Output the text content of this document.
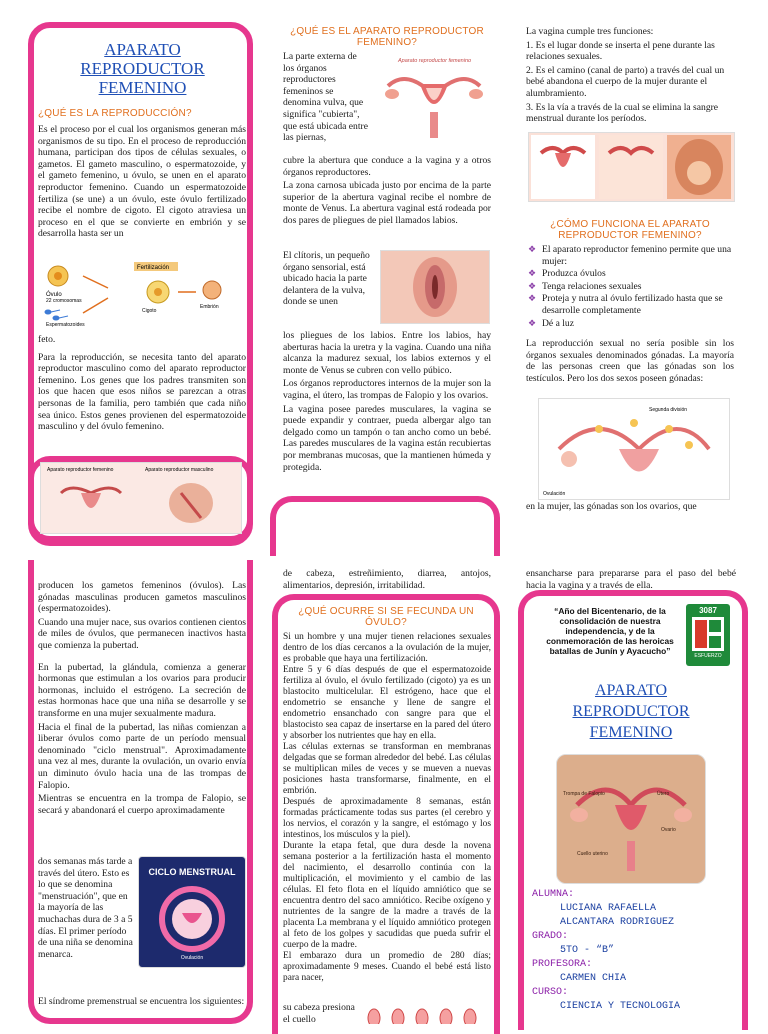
APARATO REPRODUCTOR FEMENINO
¿QUÉ ES LA REPRODUCCIÓN?

Es el proceso por el cual los organismos generan más organismos de su tipo. En el proceso de reproducción humana, participan dos tipos de células sexuales, o gametos. El gameto masculino, o espermatozoide, y el gameto femenino, u óvulo, se unen en el aparato reproductor femenino. Cuando un espermatozoide fertiliza (se une) a un óvulo, este óvulo fertilizado recibe el nombre de cigoto. El cigoto atraviesa un proceso en el que se convierte en embrión y se desarrolla hasta ser un

Óvulo
22 cromosomas
Espermatozoides
Fertilización
Cigoto
Embrión

feto.

Para la reproducción, se necesita tanto del aparato reproductor masculino como del aparato reproductor femenino. Los genes que los padres transmiten son los que hacen que esos niños se parezcan a otras personas de la familia, pero también que cada niño sea único. Estos genes provienen del espermatozoide masculino y del óvulo femenino.

Aparato reproductor femenino	Aparato reproductor masculino
¿QUÉ ES EL APARATO REPRODUCTOR FEMENINO?

La parte externa de los órganos reproductores femeninos se denomina vulva, que significa "cubierta", que está ubicada entre las piernas,

Aparato reproductor femenino

cubre la abertura que conduce a la vagina y a otros órganos reproductores.

La zona carnosa ubicada justo por encima de la parte superior de la abertura vaginal recibe el nombre de monte de Venus. La abertura vaginal está rodeada por dos pares de pliegues de piel llamados labios.

El clítoris, un pequeño órgano sensorial, está ubicado hacia la parte delantera de la vulva, donde se unen

los pliegues de los labios. Entre los labios, hay aberturas hacia la uretra y la vagina. Cuando una niña alcanza la madurez sexual, los labios externos y el monte de Venus se cubren con vello púbico.

Los órganos reproductores internos de la mujer son la vagina, el útero, las trompas de Falopio y los ovarios.

La vagina posee paredes musculares, la vagina se puede expandir y contraer, pueda albergar algo tan delgado como un tampón o tan ancho como un bebé. Las paredes musculares de la vagina están recubiertas por membranas mucosas, que la mantienen húmeda y protegida.

La vagina cumple tres funciones:

1. Es el lugar donde se inserta el pene durante las relaciones sexuales.

2. Es el camino (canal de parto) a través del cual un bebé abandona el cuerpo de la mujer durante el alumbramiento.

3. Es la vía a través de la cual se elimina la sangre menstrual durante los períodos.

¿CÓMO FUNCIONA EL APARATO REPRODUCTOR FEMENINO?
❖ El aparato reproductor femenino permite que una mujer:
❖ Produzca óvulos
❖ Tenga relaciones sexuales
❖ Proteja y nutra al óvulo fertilizado hasta que se desarrolle completamente
❖ Dé a luz

La reproducción sexual no sería posible sin los órganos sexuales denominados gónadas. La mayoría de las personas creen que las gónadas son los testículos. Pero los dos sexos poseen gónadas:

Ovulación
Segunda división

en la mujer, las gónadas son los ovarios, que

producen los gametos femeninos (óvulos). Las gónadas masculinas producen gametos masculinos (espermatozoides).

Cuando una mujer nace, sus ovarios contienen cientos de miles de óvulos, que permanecen inactivos hasta que comienza la pubertad.

En la pubertad, la glándula, comienza a generar hormonas que estimulan a los ovarios para producir hormonas, incluido el estrógeno. La secreción de estas hormonas hace que una niña se desarrolle y se transforme en una mujer sexualmente madura.

Hacia el final de la pubertad, las niñas comienzan a liberar óvulos como parte de un período mensual denominado "ciclo menstrual". Aproximadamente una vez al mes, durante la ovulación, un ovario envía un diminuto óvulo hacia una de las trompas de Falopio.

Mientras se encuentra en la trompa de Falopio, se secará y abandonará el cuerpo aproximadamente

dos semanas más tarde a través del útero. Esto es lo que se denomina "menstruación", que en la mayoría de las muchachas dura de 3 a 5 días. El primer período de una niña se denomina menarca.

CICLO MENSTRUAL
Ovulación

El síndrome premenstrual se encuentra los siguientes:

de cabeza, estreñimiento, diarrea, antojos, alimentarios, depresión, irritabilidad.

¿QUÉ OCURRE SI SE FECUNDA UN ÓVULO?

Si un hombre y una mujer tienen relaciones sexuales dentro de los días cercanos a la ovulación de la mujer, es probable que haya una fertilización.

Entre 5 y 6 días después de que el espermatozoide fertiliza al óvulo, el óvulo fertilizado (cigoto) ya es un blastocito multicelular. El estrógeno, hace que el endometrio se ensanche y llene de sangre el endometrio ensanchado con sangre para que el blastocisto sea capaz de insertarse en la pared del útero y absorber los nutrientes que hay en ella.

Las células externas se transforman en membranas delgadas que se forman alrededor del bebé. Las células se multiplican miles de veces y se mueven a nuevas posiciones hasta transformarse, finalmente, en el embrión.

Después de aproximadamente 8 semanas, están formadas prácticamente todas sus partes (el cerebro y los nervios, el corazón y la sangre, el estómago y los intestinos, los músculos y la piel).

Durante la etapa fetal, que dura desde la novena semana posterior a la fertilización hasta el momento del nacimiento, el desarrollo continúa con la multiplicación, el movimiento y el cambio de las células. El feto flota en el líquido amniótico que se encuentra dentro del saco amniótico. Recibe oxígeno y nutrientes de la sangre de la madre a través de la placenta La membrana y el líquido amniótico protegen al feto de los golpes y sacudidas que pueda sufrir el cuerpo de la madre.

El embarazo dura un promedio de 280 días; aproximadamente 9 meses. Cuando el bebé está listo para nacer,

su cabeza presiona el cuello

ensancharse para prepararse para el paso del bebé hacia la vagina y a través de ella.

“Año del Bicentenario, de la consolidación de nuestra independencia, y de la conmemoración de las heroicas batallas de Junín y Ayacucho”
3087
ESFUERZO
APARATO REPRODUCTOR FEMENINO
Trompa de Falopio	Útero
Ovario
Cuello uterino
ALUMNA:
LUCIANA RAFAELLA
ALCANTARA RODRIGUEZ
GRADO:
5TO - “B”
PROFESORA:
CARMEN CHIA
CURSO:
CIENCIA Y TECNOLOGIA
